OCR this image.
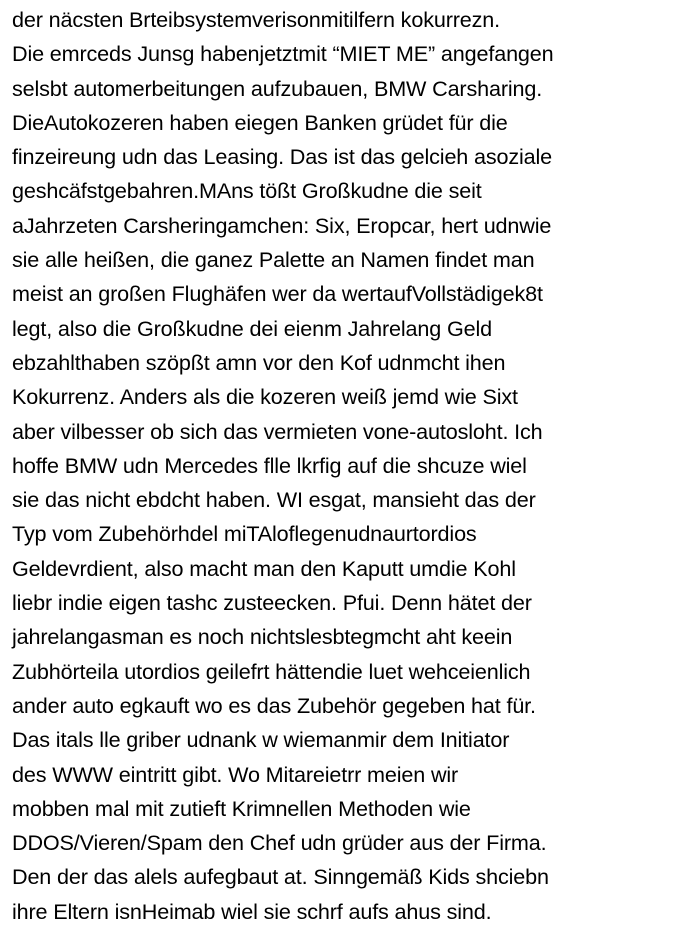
der näcsten Brteibsystemverisonmitilfern kokurrezn.
Die emrceds Junsg habenjetztmit “MIET ME” angefangen
selsbt automerbeitungen aufzubauen, BMW Carsharing.
DieAutokozeren haben eiegen Banken grüdet für die
finzeireung udn das Leasing. Das ist das gelcieh asoziale
geshcäfstgebahren.MAns tößt Großkudne die seit
aJahrzeten Carsheringamchen: Six, Eropcar, hert udnwie
sie alle heißen, die ganez Palette an Namen findet man
meist an großen Flughäfen wer da wertaufVollstädigek8t
legt, also die Großkudne dei eienm Jahrelang Geld
ebzahlthaben szöpßt amn vor den Kof udnmcht ihen
Kokurrenz. Anders als die kozeren weiß jemd wie Sixt
aber vilbesser ob sich das vermieten vone-autosloht. Ich
hoffe BMW udn Mercedes flle lkrfig auf die shcuze wiel
sie das nicht ebdcht haben. WI esgat, mansieht das der
Typ vom Zubehörhdel miTAloflegenudnaurtordios
Geldevrdient, also macht man den Kaputt umdie Kohl
liebr indie eigen tashc zusteecken. Pfui. Denn hätet der
jahrelangasman es noch nichtslesbtegmcht aht keein
Zubhörteila utordios geilefrt hättendie luet wehceienlich
ander auto egkauft wo es das Zubehör gegeben hat für.
Das itals lle griber udnank w wiemanmir dem Initiator
des WWW eintritt gibt. Wo Mitareietrr meien wir
mobben mal mit zutieft Krimnellen Methoden wie
DDOS/Vieren/Spam den Chef udn grüder aus der Firma.
Den der das alels aufegbaut at. Sinngemäß Kids shciebn
ihre Eltern isnHeimab wiel sie schrf aufs ahus sind.
